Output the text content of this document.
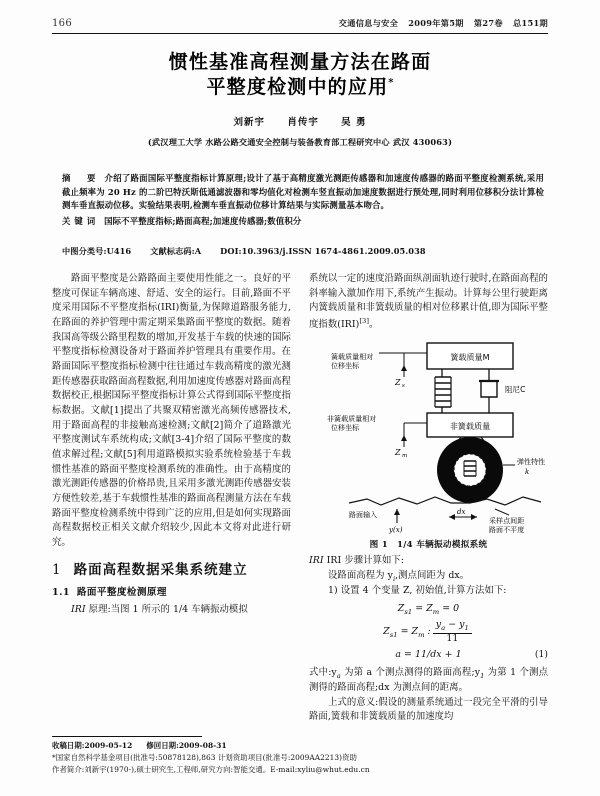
166	交通信息与安全 2009年第5期 第27卷 总151期
惯性基准高程测量方法在路面
平整度检测中的应用*
刘新宇 肖传宇 吴 勇
(武汉理工大学 水路公路交通安全控制与装备教育部工程研究中心 武汉 430063)

摘　要 介绍了路面国际平整度指标计算原理;设计了基于高精度激光测距传感器和加速度传感器的路面平整度检测系统,采用截止频率为 20 Hz 的二阶巴特沃斯低通滤波器和零均值化对检测车竖直振动加速度数据进行预处理,同时利用位移积分法计算检测车垂直振动位移。实验结果表明,检测车垂直振动位移计算结果与实际测量基本吻合。

关键词 国际不平整度指标;路面高程;加速度传感器;数值积分

中图分类号:U416 文献标志码:A DOI:10.3963/j.ISSN 1674-4861.2009.05.038

路面平整度是公路路面主要使用性能之一。良好的平整度可保证车辆高速、舒适、安全的运行。目前,路面不平度采用国际不平整度指标(IRI)衡量,为保障道路服务能力,在路面的养护管理中需定期采集路面平整度的数据。随着我国高等级公路里程数的增加,开发基于车载的快速的国际平整度指标检测设备对于路面养护管理具有重要作用。在路面国际平整度指标检测中往往通过车载高精度的激光测距传感器获取路面高程数据,利用加速度传感器对路面高程数据校正,根据国际平整度指标计算公式得到国际平整度指标数据。文献[1]提出了共聚双精密激光高频传感器技术,用于路面高程的非接触高速检测;文献[2]简介了道路激光平整度测试车系统构成;文献[3-4]介绍了国际平整度的数值求解过程;文献[5]利用道路模拟实验系统检验基于车载惯性基准的路面平整度检测系统的准确性。由于高精度的激光测距传感器的价格昂贵,且采用多激光测距传感器安装方便性较差,基于车载惯性基准的路面高程测量方法在车载路面平整度检测系统中得到广泛的应用,但是如何实现路面高程数据校正相关文献介绍较少,因此本文将对此进行研究。

1 路面高程数据采集系统建立
1.1 路面平整度检测原理

IRI 原理:当图 1 所示的 1/4 车辆振动模拟

系统以一定的速度沿路面纵剖面轨迹行驶时,在路面高程的斜率输入激加作用下,系统产生振动。计算每公里行驶距离内簧载质量和非簧载质量的相对位移累计值,即为国际平整度指数(IRI)[3]。

簧载质量M
阻尼C
非簧载质量
Z s
簧载质量相对
位移坐标
Z m
非簧载质量相对
位移坐标
弹性特性
k
路面输入
y(x)
dx
采样点间距
路面不平度
图 1　1/4 车辆振动模拟系统

IRI IRI 步骤计算如下:

设路面高程为 $y_i$,测点间距为 dx。

1) 设置 4 个变量 Z, 初始值,计算方法如下:

$Z_{s1} = Z_m = 0$
$Z_{s1} = Z_m$ : $\frac{y_a - y_1}{11}$
a = 11/dx + 1	(1)

式中$:y_a$ 为第 a 个测点测得的路面高程$;y_1$ 为第 1 个测点测得的路面高程;dx 为测点间的距离。

上式的意义:假设的测量系统通过一段完全平滑的引导路面,簧载和非簧载质量的加速度均

收稿日期:2009-05-12 修回日期:2009-08-31
*国家自然科学基金项目(批准号:50878128),863 计划资助项目(批准号:2009AA2213)资助
作者简介:刘新宇(1970-),硕士研究生,工程师,研究方向:智能交通。E-mail:xyliu@whut.edu.cn
